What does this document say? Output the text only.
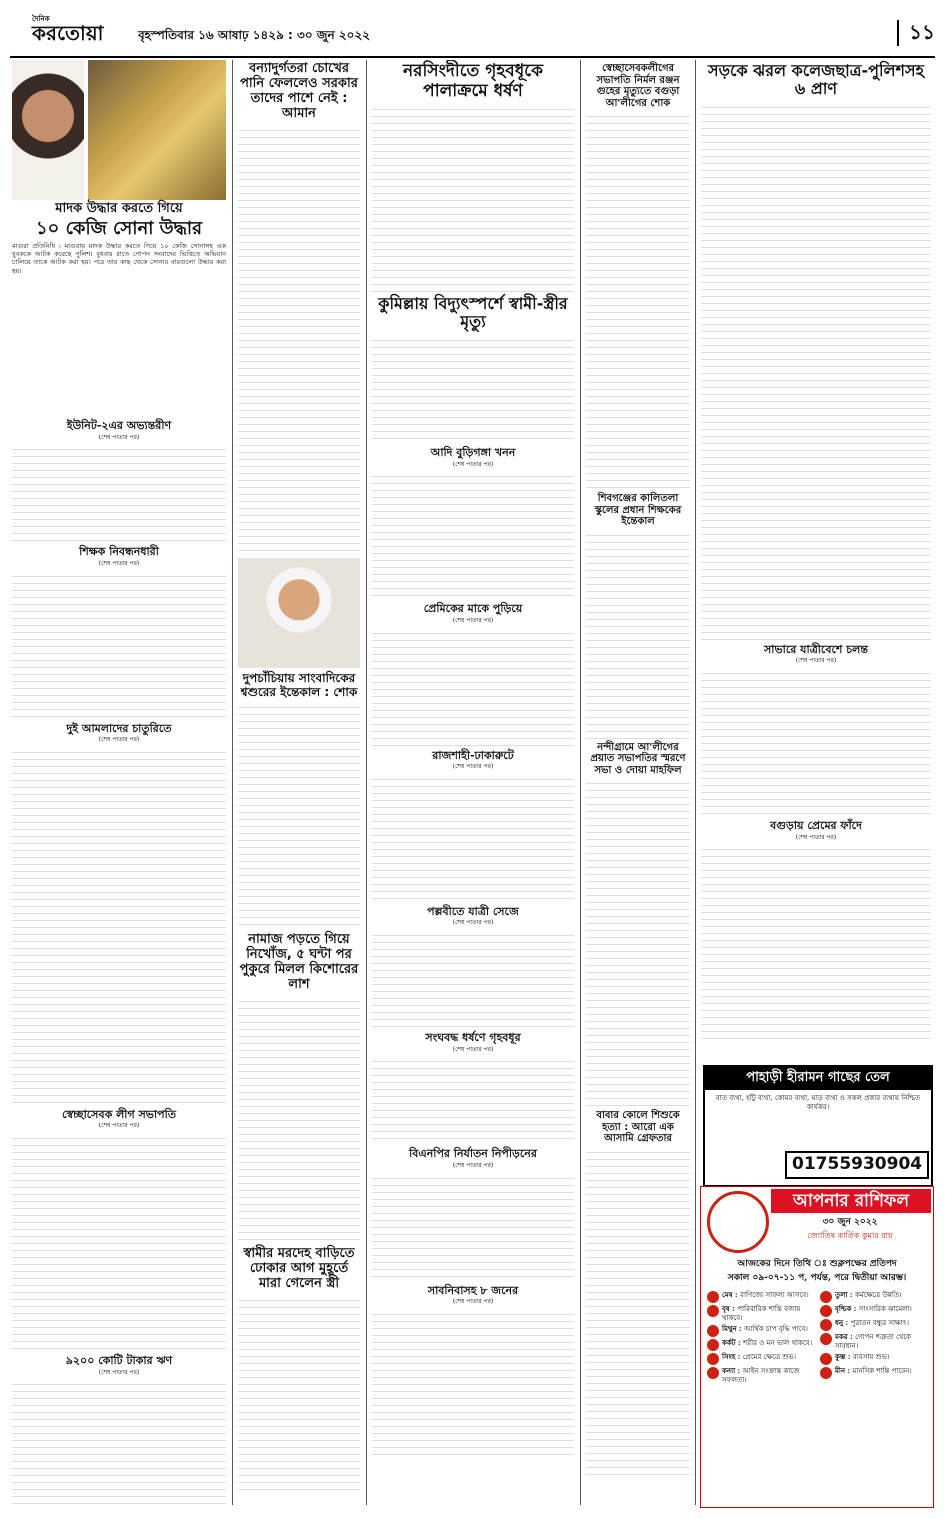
দৈনিক
করতোয়া	বৃহস্পতিবার ১৬ আষাঢ় ১৪২৯ : ৩০ জুন ২০২২	১১
মাদক উদ্ধার করতে গিয়ে
১০ কেজি সোনা উদ্ধার

মাগুরা প্রতিনিধি : মাগুরায় মাদক উদ্ধার করতে গিয়ে ১০ কেজি সোনাসহ এক যুবককে আটক করেছে পুলিশ। বুধবার রাতে গোপন সংবাদের ভিত্তিতে অভিযান চালিয়ে তাকে আটক করা হয়। পরে তার কাছ থেকে সোনার বারগুলো উদ্ধার করা হয়।

ইউনিট-২এর অভ্যন্তরীণ
(শেষ পাতার পর)
শিক্ষক নিবন্ধনধারী
(শেষ পাতার পর)
দুই আমলাদের চাতুরিতে
(শেষ পাতার পর)
স্বেচ্ছাসেবক লীগ সভাপতি
(শেষ পাতার পর)
৯২০০ কোটি টাকার ঋণ
(শেষ পাতার পর)
বন্যাদুর্গতরা চোখের পানি ফেললেও সরকার তাদের পাশে নেই : আমান
দুপচাঁচিয়ায় সাংবাদিকের শ্বশুরের ইন্তেকাল : শোক
নামাজ পড়তে গিয়ে নিখোঁজ, ৫ ঘন্টা পর পুকুরে মিলল কিশোরের লাশ
স্বামীর মরদেহ বাড়িতে ঢোকার আগ মুহূর্তে মারা গেলেন স্ত্রী
নরসিংদীতে গৃহবধূকে পালাক্রমে ধর্ষণ
কুমিল্লায় বিদ্যুৎস্পর্শে স্বামী-স্ত্রীর মৃত্যু
আদি বুড়িগঙ্গা খনন
(শেষ পাতার পর)
প্রেমিকের মাকে পুড়িয়ে
(শেষ পাতার পর)
রাজশাহী-ঢাকারুটে
(শেষ পাতার পর)
পল্লবীতে যাত্রী সেজে
(শেষ পাতার পর)
সংঘবদ্ধ ধর্ষণে গৃহবধূর
(শেষ পাতার পর)
বিএনপির নির্যাতন নিপীড়নের
(শেষ পাতার পর)
সাবনিবাসহ ৮ জনের
(শেষ পাতার পর)
স্বেচ্ছাসেবকলীগের সভাপতি নির্মল রঞ্জন গুহের মৃত্যুতে বগুড়া আ'লীগের শোক
শিবগঞ্জের কালিতলা স্কুলের প্রধান শিক্ষকের ইন্তেকাল
নন্দীগ্রামে আ'লীগের প্রয়াত সভাপতির স্মরণে সভা ও দোয়া মাহফিল
বাবার কোলে শিশুকে হত্যা : আরো এক আসামি গ্রেফতার
সড়কে ঝরল কলেজছাত্র-পুলিশসহ ৬ প্রাণ
সাভারে যাত্রীবেশে চলন্ত
(শেষ পাতার পর)
বগুড়ায় প্রেমের ফাঁদে
(শেষ পাতার পর)
পাহাড়ী হীরামন গাছের তেল
বাত ব্যথা, হাঁটু ব্যথা, কোমর ব্যথা, ঘাড় ব্যথা ও সকল প্রকার ব্যথায় নিশ্চিত কার্যকর।
01755930904
আপনার রাশিফল
৩০ জুন ২০২২
জ্যোতিষ কার্তিক কুমার রায়
আজকের দিনে তিথি ঃ শুক্লপক্ষের প্রতিপদ
সকাল ০৯-০৭-১১ প, পর্যন্ত, পরে দ্বিতীয়া আরম্ভ।
মেষ : বাণিজ্যে সাফল্য আসবে।
বৃষ : পারিবারিক শান্তি বজায় থাকবে।
মিথুন : আর্থিক চাপ বৃদ্ধি পাবে।
কর্কট : শরীর ও মন ভাল থাকবে।
সিংহ : প্রেমের ক্ষেত্রে শুভ।
কন্যা : আইন সংক্রান্ত কাজে সফলতা।
তুলা : কর্মক্ষেত্রে উন্নতি।
বৃশ্চিক : সাংসারিক ঝামেলা।
ধনু : পুরাতন বন্ধুর সাক্ষাৎ।
মকর : গোপন শত্রুতা থেকে সাবধান।
কুম্ভ : ব্যবসায় শুভ।
মীন : মানসিক শান্তি পাবেন।
